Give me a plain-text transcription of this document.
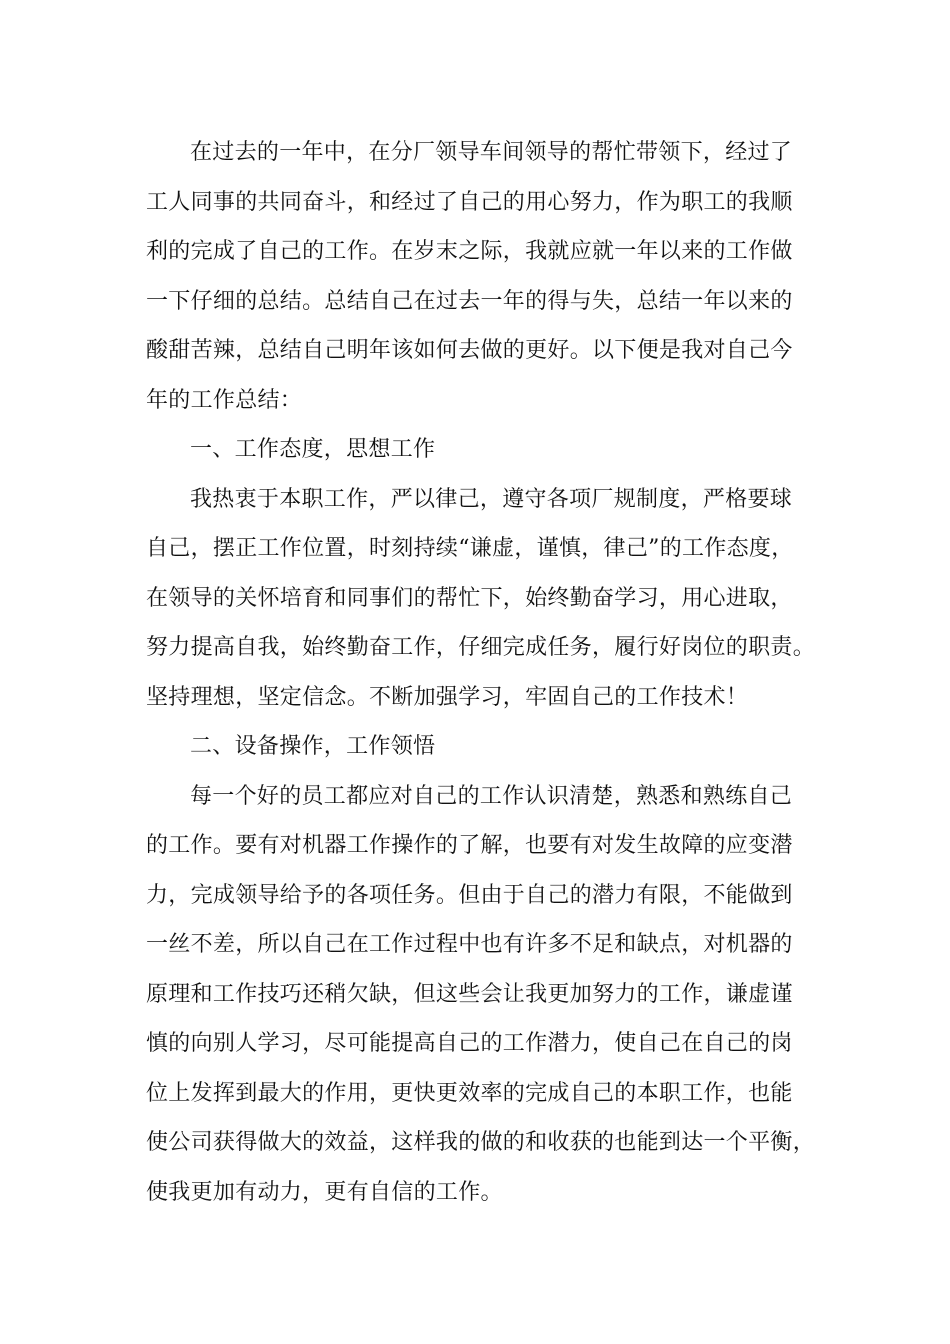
在过去的一年中，在分厂领导车间领导的帮忙带领下，经过了
工人同事的共同奋斗，和经过了自己的用心努力，作为职工的我顺
利的完成了自己的工作。在岁末之际，我就应就一年以来的工作做
一下仔细的总结。总结自己在过去一年的得与失，总结一年以来的
酸甜苦辣，总结自己明年该如何去做的更好。以下便是我对自己今
年的工作总结：
一、工作态度，思想工作
我热衷于本职工作，严以律己，遵守各项厂规制度，严格要球
自己，摆正工作位置，时刻持续“谦虚，谨慎，律己”的工作态度，
在领导的关怀培育和同事们的帮忙下，始终勤奋学习，用心进取，
努力提高自我，始终勤奋工作，仔细完成任务，履行好岗位的职责。
坚持理想，坚定信念。不断加强学习，牢固自己的工作技术！
二、设备操作，工作领悟
每一个好的员工都应对自己的工作认识清楚，熟悉和熟练自己
的工作。要有对机器工作操作的了解，也要有对发生故障的应变潜
力，完成领导给予的各项任务。但由于自己的潜力有限，不能做到
一丝不差，所以自己在工作过程中也有许多不足和缺点，对机器的
原理和工作技巧还稍欠缺，但这些会让我更加努力的工作，谦虚谨
慎的向别人学习，尽可能提高自己的工作潜力，使自己在自己的岗
位上发挥到最大的作用，更快更效率的完成自己的本职工作，也能
使公司获得做大的效益，这样我的做的和收获的也能到达一个平衡，
使我更加有动力，更有自信的工作。
